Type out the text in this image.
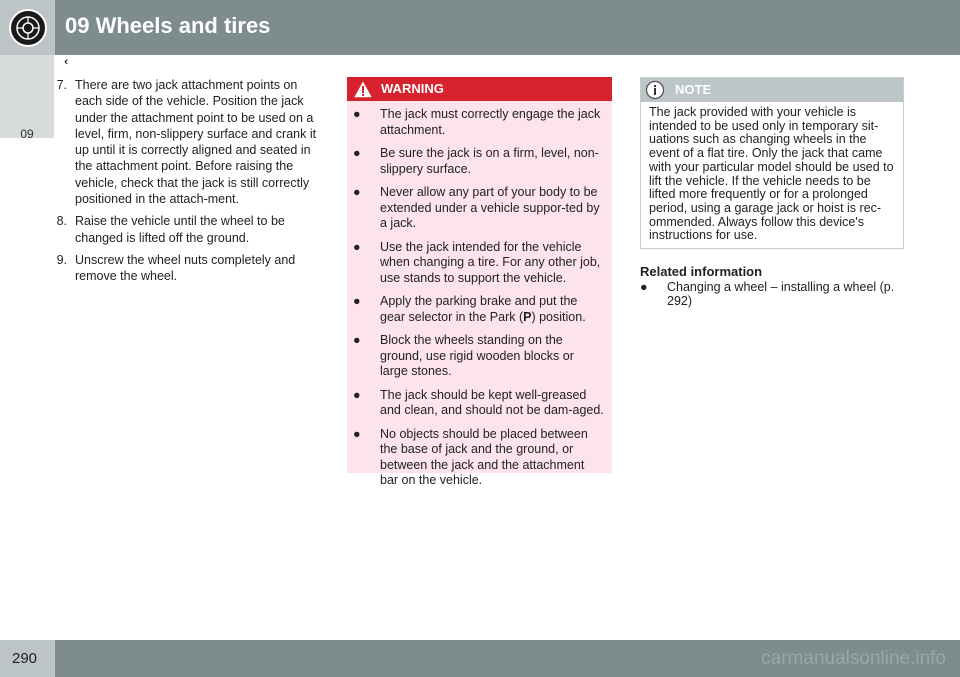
09 Wheels and tires
09
‹‹
7. There are two jack attachment points on each side of the vehicle. Position the jack under the attachment point to be used on a level, firm, non-slippery surface and crank it up until it is correctly aligned and seated in the attachment point. Before raising the vehicle, check that the jack is still correctly positioned in the attach-ment.
8. Raise the vehicle until the wheel to be changed is lifted off the ground.
9. Unscrew the wheel nuts completely and remove the wheel.
WARNING
●	The jack must correctly engage the jack attachment.
●	Be sure the jack is on a firm, level, non-slippery surface.
●	Never allow any part of your body to be extended under a vehicle suppor-ted by a jack.
●	Use the jack intended for the vehicle when changing a tire. For any other job, use stands to support the vehicle.
●	Apply the parking brake and put the gear selector in the Park (P) position.
●	Block the wheels standing on the ground, use rigid wooden blocks or large stones.
●	The jack should be kept well-greased and clean, and should not be dam-aged.
●	No objects should be placed between the base of jack and the ground, or between the jack and the attachment bar on the vehicle.
NOTE
The jack provided with your vehicle is intended to be used only in temporary sit-uations such as changing wheels in the event of a flat tire. Only the jack that came with your particular model should be used to lift the vehicle. If the vehicle needs to be lifted more frequently or for a prolonged period, using a garage jack or hoist is rec-ommended. Always follow this device's instructions for use.
Related information
●	Changing a wheel – installing a wheel (p. 292)
290	carmanualsonline.info
